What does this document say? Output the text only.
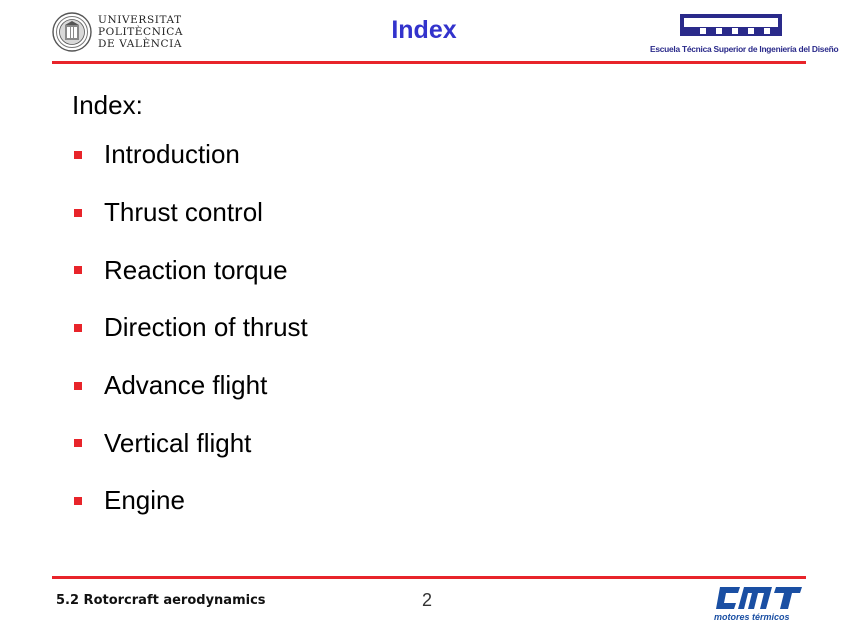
UNIVERSITAT
POLITÈCNICA
DE VALÈNCIA	Index
Escuela Técnica Superior de Ingeniería del Diseño
Index:
Introduction
Thrust control
Reaction torque
Direction of thrust
Advance flight
Vertical flight
Engine
5.2 Rotorcraft aerodynamics	2
motores térmicos
